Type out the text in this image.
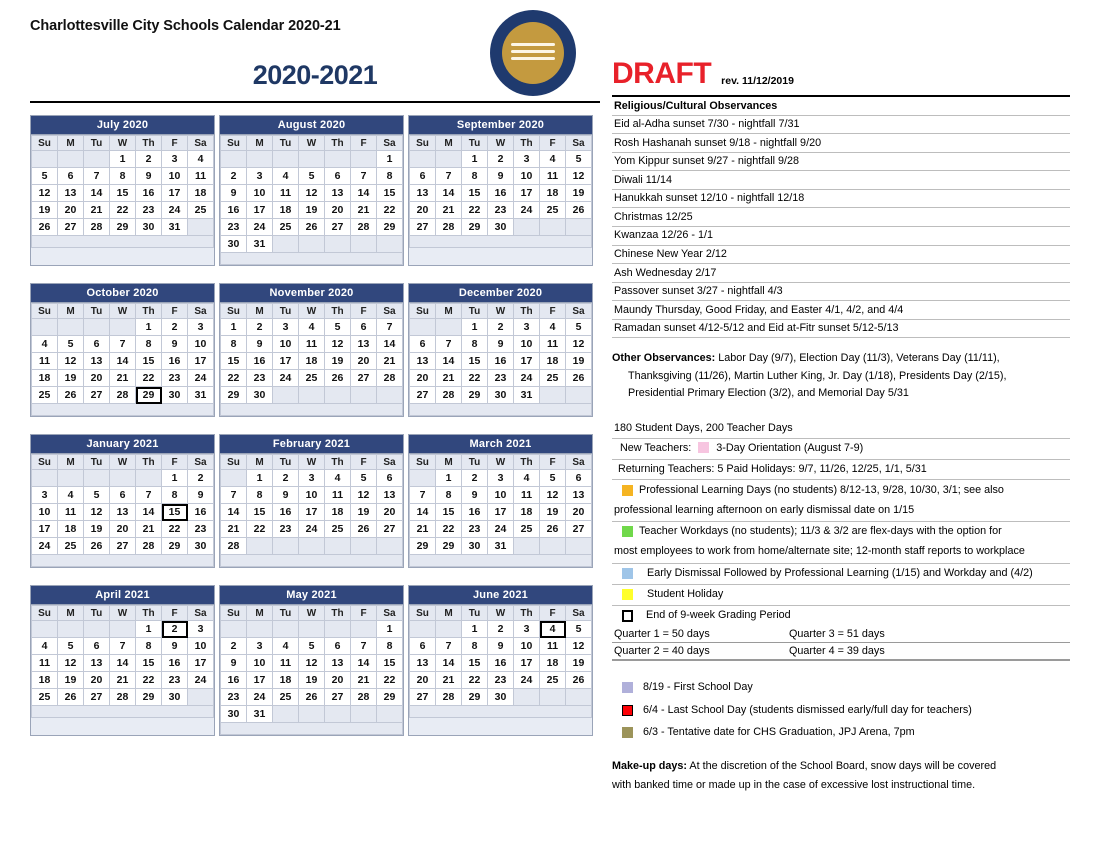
Charlottesville City Schools Calendar 2020-21
2020-2021
July 2020
Su	M	Tu	W	Th	F	Sa
			1	2	3	4
5	6	7	8	9	10	11
12	13	14	15	16	17	18
19	20	21	22	23	24	25
26	27	28	29	30	31	

August 2020
Su	M	Tu	W	Th	F	Sa
						1
2	3	4	5	6	7	8
9	10	11	12	13	14	15
16	17	18	19	20	21	22
23	24	25	26	27	28	29
30	31					

September 2020
Su	M	Tu	W	Th	F	Sa
		1	2	3	4	5
6	7	8	9	10	11	12
13	14	15	16	17	18	19
20	21	22	23	24	25	26
27	28	29	30			

October 2020
Su	M	Tu	W	Th	F	Sa
				1	2	3
4	5	6	7	8	9	10
11	12	13	14	15	16	17
18	19	20	21	22	23	24
25	26	27	28	29	30	31

November 2020
Su	M	Tu	W	Th	F	Sa
1	2	3	4	5	6	7
8	9	10	11	12	13	14
15	16	17	18	19	20	21
22	23	24	25	26	27	28
29	30					

December 2020
Su	M	Tu	W	Th	F	Sa
		1	2	3	4	5
6	7	8	9	10	11	12
13	14	15	16	17	18	19
20	21	22	23	24	25	26
27	28	29	30	31		

January 2021
Su	M	Tu	W	Th	F	Sa
					1	2
3	4	5	6	7	8	9
10	11	12	13	14	15	16
17	18	19	20	21	22	23
24	25	26	27	28	29	30

February 2021
Su	M	Tu	W	Th	F	Sa
	1	2	3	4	5	6
7	8	9	10	11	12	13
14	15	16	17	18	19	20
21	22	23	24	25	26	27
28						

March 2021
Su	M	Tu	W	Th	F	Sa
	1	2	3	4	5	6
7	8	9	10	11	12	13
14	15	16	17	18	19	20
21	22	23	24	25	26	27
29	29	30	31			

April 2021
Su	M	Tu	W	Th	F	Sa
				1	2	3
4	5	6	7	8	9	10
11	12	13	14	15	16	17
18	19	20	21	22	23	24
25	26	27	28	29	30	

May 2021
Su	M	Tu	W	Th	F	Sa
						1
2	3	4	5	6	7	8
9	10	11	12	13	14	15
16	17	18	19	20	21	22
23	24	25	26	27	28	29
30	31					

June 2021
Su	M	Tu	W	Th	F	Sa
		1	2	3	4	5
6	7	8	9	10	11	12
13	14	15	16	17	18	19
20	21	22	23	24	25	26
27	28	29	30			

DRAFT rev. 11/12/2019
Religious/Cultural Observances
Eid al-Adha sunset 7/30 - nightfall 7/31
Rosh Hashanah sunset 9/18 - nightfall 9/20
Yom Kippur sunset 9/27 - nightfall 9/28
Diwali 11/14
Hanukkah sunset 12/10 - nightfall 12/18
Christmas 12/25
Kwanzaa 12/26 - 1/1
Chinese New Year 2/12
Ash Wednesday 2/17
Passover sunset 3/27 - nightfall 4/3
Maundy Thursday, Good Friday, and Easter 4/1, 4/2, and 4/4
Ramadan sunset 4/12-5/12 and Eid at-Fitr sunset 5/12-5/13
Other Observances: Labor Day (9/7), Election Day (11/3), Veterans Day (11/11),
Thanksgiving (11/26), Martin Luther King, Jr. Day (1/18), Presidents Day (2/15),
Presidential Primary Election (3/2), and Memorial Day 5/31
180 Student Days, 200 Teacher Days
New Teachers: 3-Day Orientation (August 7-9)
Returning Teachers: 5 Paid Holidays: 9/7, 11/26, 12/25, 1/1, 5/31
Professional Learning Days (no students) 8/12-13, 9/28, 10/30, 3/1; see also
professional learning afternoon on early dismissal date on 1/15
Teacher Workdays (no students); 11/3 & 3/2 are flex-days with the option for
most employees to work from home/alternate site; 12-month staff reports to workplace
Early Dismissal Followed by Professional Learning (1/15) and Workday and (4/2)
Student Holiday
End of 9-week Grading Period
Quarter 1 = 50 days	Quarter 3 = 51 days
Quarter 2 = 40 days	Quarter 4 = 39 days
8/19 - First School Day
6/4 - Last School Day (students dismissed early/full day for teachers)
6/3 - Tentative date for CHS Graduation, JPJ Arena, 7pm
Make-up days: At the discretion of the School Board, snow days will be covered
with banked time or made up in the case of excessive lost instructional time.
